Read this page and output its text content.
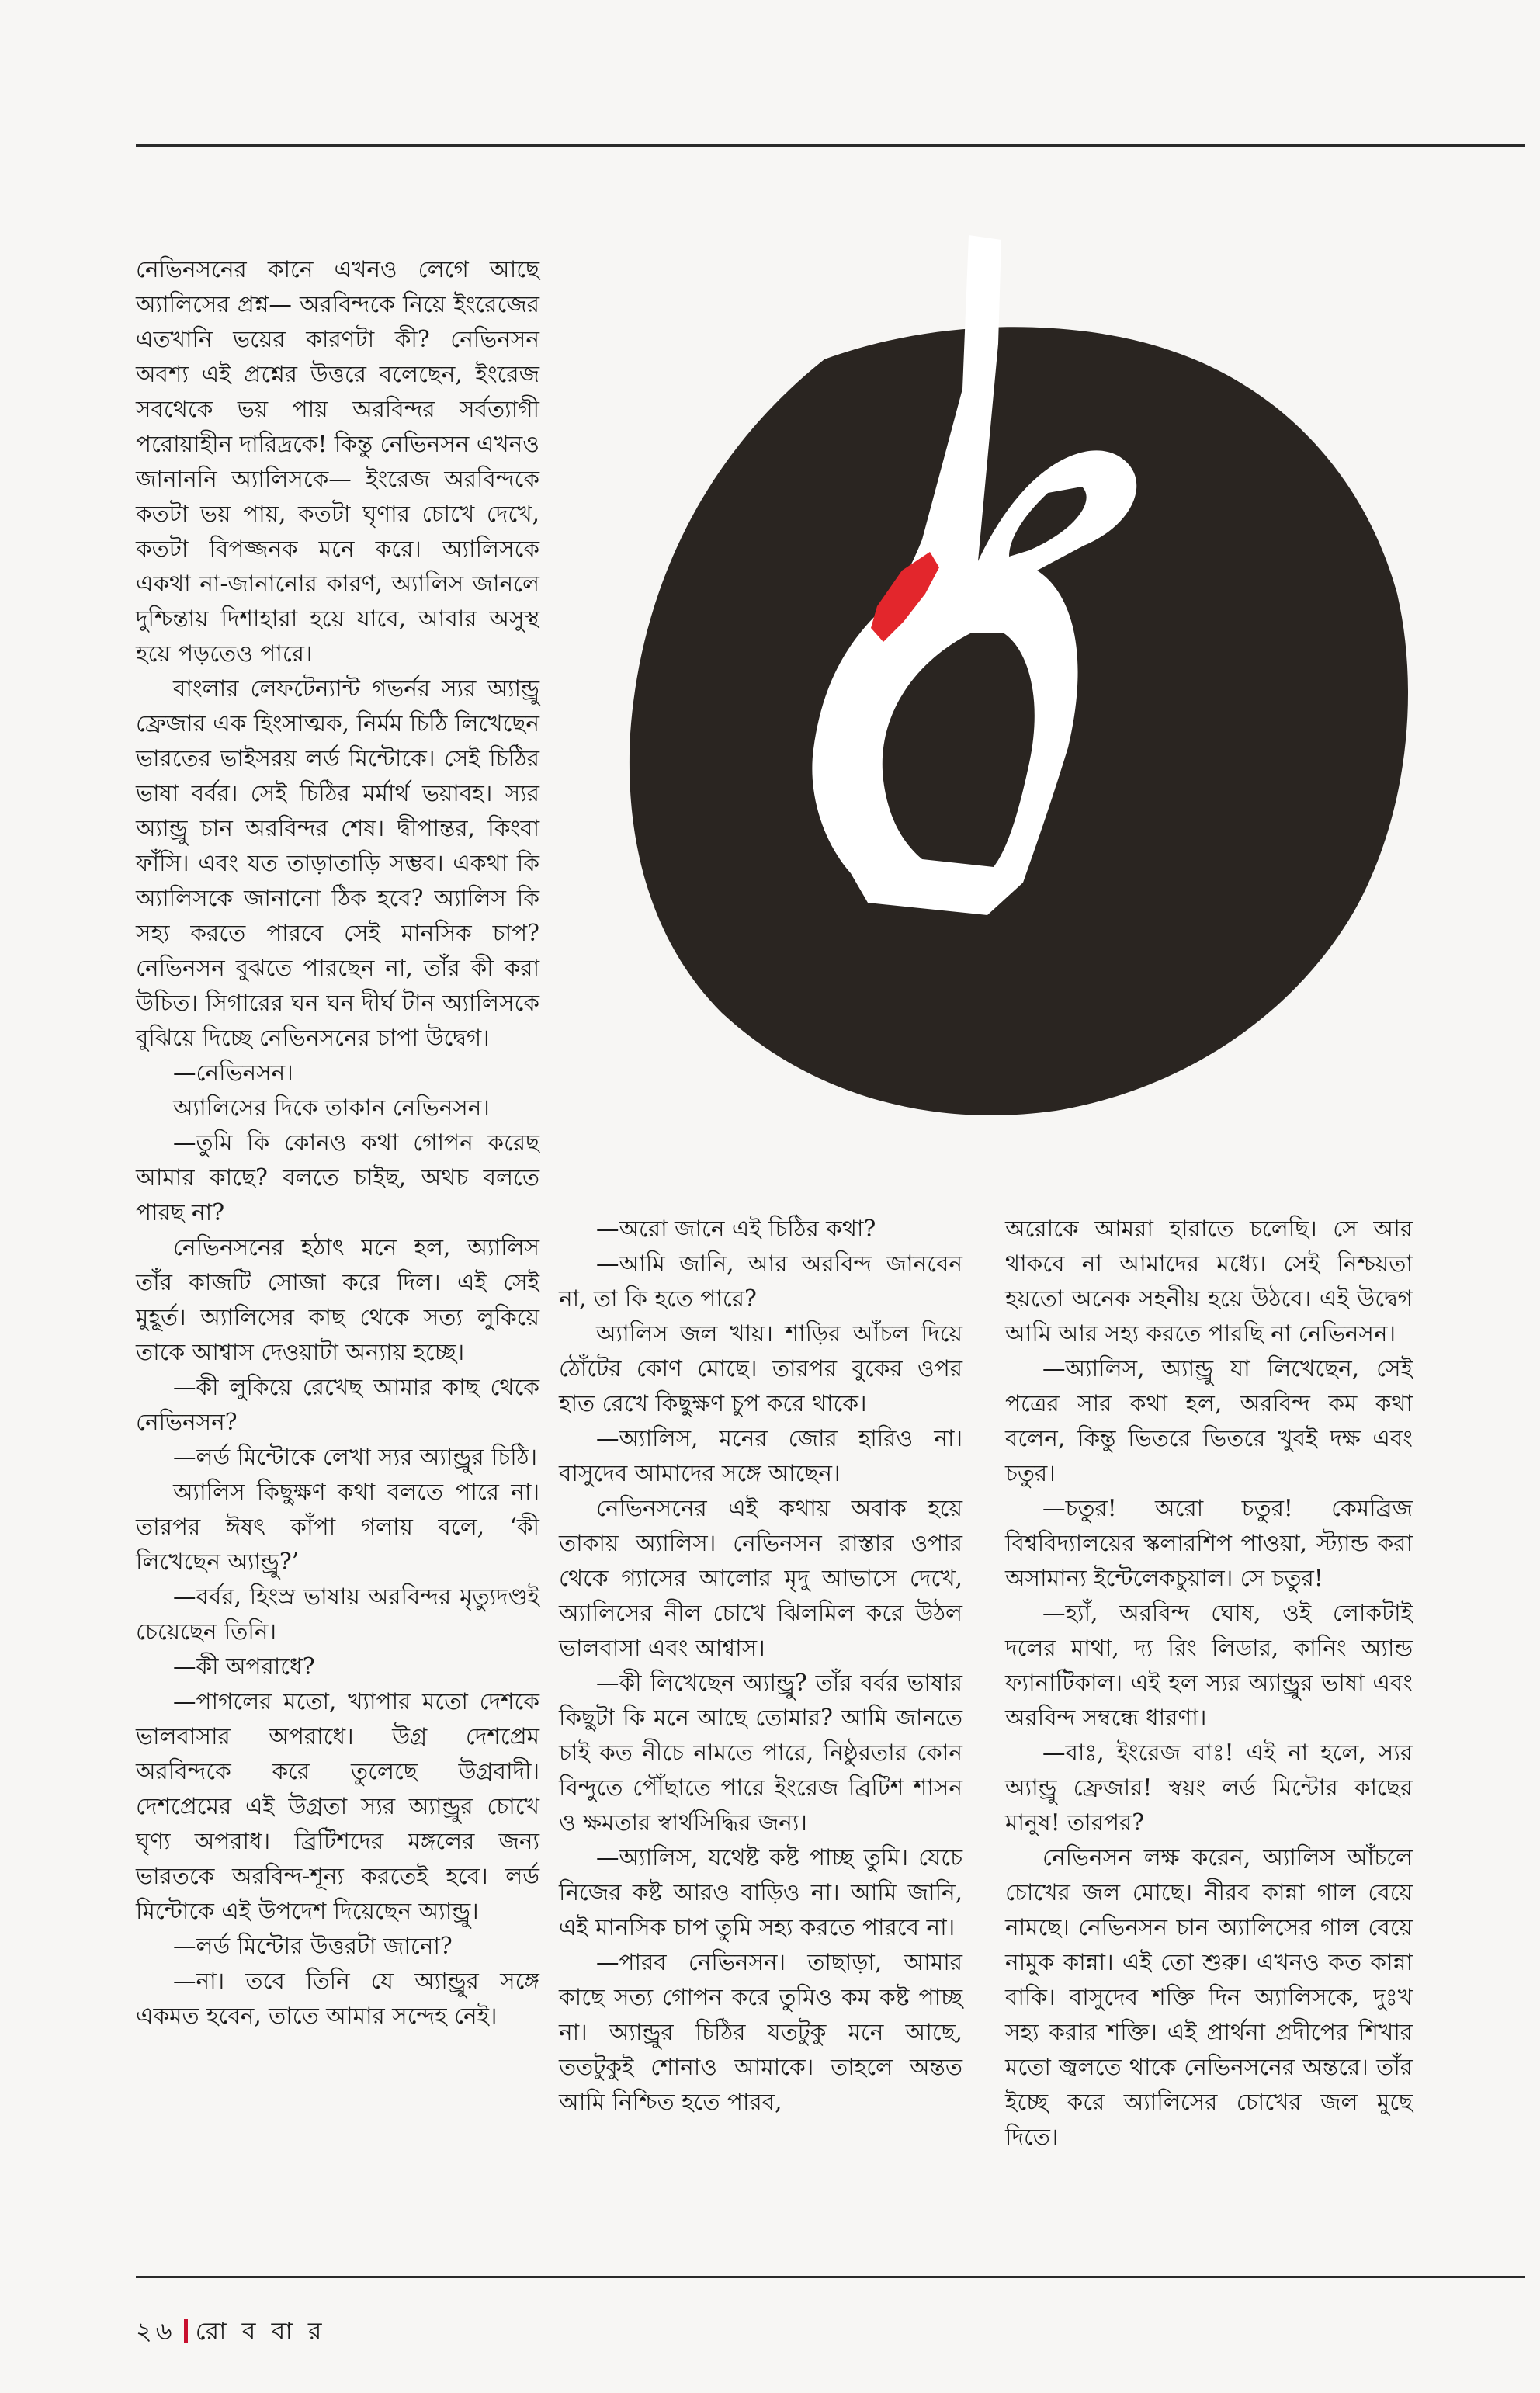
নেভিনসনের কানে এখনও লেগে আছে অ্যালিসের প্রশ্ন— অরবিন্দকে নিয়ে ইংরেজের এতখানি ভয়ের কারণটা কী? নেভিনসন অবশ্য এই প্রশ্নের উত্তরে বলেছেন, ইংরেজ সবথেকে ভয় পায় অরবিন্দর সর্বত্যাগী পরোয়াহীন দারিদ্রকে! কিন্তু নেভিনসন এখনও জানাননি অ্যালিসকে— ইংরেজ অরবিন্দকে কতটা ভয় পায়, কতটা ঘৃণার চোখে দেখে, কতটা বিপজ্জনক মনে করে। অ্যালিসকে একথা না-জানানোর কারণ, অ্যালিস জানলে দুশ্চিন্তায় দিশাহারা হয়ে যাবে, আবার অসুস্থ হয়ে পড়তেও পারে।

বাংলার লেফটেন্যান্ট গভর্নর স্যর অ্যান্ড্রু ফ্রেজার এক হিংসাত্মক, নির্মম চিঠি লিখেছেন ভারতের ভাইসরয় লর্ড মিন্টোকে। সেই চিঠির ভাষা বর্বর। সেই চিঠির মর্মার্থ ভয়াবহ। স্যর অ্যান্ড্রু চান অরবিন্দর শেষ। দ্বীপান্তর, কিংবা ফাঁসি। এবং যত তাড়াতাড়ি সম্ভব। একথা কি অ্যালিসকে জানানো ঠিক হবে? অ্যালিস কি সহ্য করতে পারবে সেই মানসিক চাপ? নেভিনসন বুঝতে পারছেন না, তাঁর কী করা উচিত। সিগারের ঘন ঘন দীর্ঘ টান অ্যালিসকে বুঝিয়ে দিচ্ছে নেভিনসনের চাপা উদ্বেগ।

—নেভিনসন।

অ্যালিসের দিকে তাকান নেভিনসন।

—তুমি কি কোনও কথা গোপন করেছ আমার কাছে? বলতে চাইছ, অথচ বলতে পারছ না?

নেভিনসনের হঠাৎ মনে হল, অ্যালিস তাঁর কাজটি সোজা করে দিল। এই সেই মুহূর্ত। অ্যালিসের কাছ থেকে সত্য লুকিয়ে তাকে আশ্বাস দেওয়াটা অন্যায় হচ্ছে।

—কী লুকিয়ে রেখেছ আমার কাছ থেকে নেভিনসন?

—লর্ড মিন্টোকে লেখা স্যর অ্যান্ড্রুর চিঠি।

অ্যালিস কিছুক্ষণ কথা বলতে পারে না। তারপর ঈষৎ কাঁপা গলায় বলে, ‘কী লিখেছেন অ্যান্ড্রু?’

—বর্বর, হিংস্র ভাষায় অরবিন্দর মৃত্যুদণ্ডই চেয়েছেন তিনি।

—কী অপরাধে?

—পাগলের মতো, খ্যাপার মতো দেশকে ভালবাসার অপরাধে। উগ্র দেশপ্রেম অরবিন্দকে করে তুলেছে উগ্রবাদী। দেশপ্রেমের এই উগ্রতা স্যর অ্যান্ড্রুর চোখে ঘৃণ্য অপরাধ। ব্রিটিশদের মঙ্গলের জন্য ভারতকে অরবিন্দ-শূন্য করতেই হবে। লর্ড মিন্টোকে এই উপদেশ দিয়েছেন অ্যান্ড্রু।

—লর্ড মিন্টোর উত্তরটা জানো?

—না। তবে তিনি যে অ্যান্ড্রুর সঙ্গে একমত হবেন, তাতে আমার সন্দেহ নেই।

—অরো জানে এই চিঠির কথা?

—আমি জানি, আর অরবিন্দ জানবেন না, তা কি হতে পারে?

অ্যালিস জল খায়। শাড়ির আঁচল দিয়ে ঠোঁটের কোণ মোছে। তারপর বুকের ওপর হাত রেখে কিছুক্ষণ চুপ করে থাকে।

—অ্যালিস, মনের জোর হারিও না। বাসুদেব আমাদের সঙ্গে আছেন।

নেভিনসনের এই কথায় অবাক হয়ে তাকায় অ্যালিস। নেভিনসন রাস্তার ওপার থেকে গ্যাসের আলোর মৃদু আভাসে দেখে, অ্যালিসের নীল চোখে ঝিলমিল করে উঠল ভালবাসা এবং আশ্বাস।

—কী লিখেছেন অ্যান্ড্রু? তাঁর বর্বর ভাষার কিছুটা কি মনে আছে তোমার? আমি জানতে চাই কত নীচে নামতে পারে, নিষ্ঠুরতার কোন বিন্দুতে পৌঁছাতে পারে ইংরেজ ব্রিটিশ শাসন ও ক্ষমতার স্বার্থসিদ্ধির জন্য।

—অ্যালিস, যথেষ্ট কষ্ট পাচ্ছ তুমি। যেচে নিজের কষ্ট আরও বাড়িও না। আমি জানি, এই মানসিক চাপ তুমি সহ্য করতে পারবে না।

—পারব নেভিনসন। তাছাড়া, আমার কাছে সত্য গোপন করে তুমিও কম কষ্ট পাচ্ছ না। অ্যান্ড্রুর চিঠির যতটুকু মনে আছে, ততটুকুই শোনাও আমাকে। তাহলে অন্তত আমি নিশ্চিত হতে পারব,

অরোকে আমরা হারাতে চলেছি। সে আর থাকবে না আমাদের মধ্যে। সেই নিশ্চয়তা হয়তো অনেক সহনীয় হয়ে উঠবে। এই উদ্বেগ আমি আর সহ্য করতে পারছি না নেভিনসন।

—অ্যালিস, অ্যান্ড্রু যা লিখেছেন, সেই পত্রের সার কথা হল, অরবিন্দ কম কথা বলেন, কিন্তু ভিতরে ভিতরে খুবই দক্ষ এবং চতুর।

—চতুর! অরো চতুর! কেমব্রিজ বিশ্ববিদ্যালয়ের স্কলারশিপ পাওয়া, স্ট্যান্ড করা অসামান্য ইন্টেলেকচুয়াল। সে চতুর!

—হ্যাঁ, অরবিন্দ ঘোষ, ওই লোকটাই দলের মাথা, দ্য রিং লিডার, কানিং অ্যান্ড ফ্যানাটিকাল। এই হল স্যর অ্যান্ড্রুর ভাষা এবং অরবিন্দ সম্বন্ধে ধারণা।

—বাঃ, ইংরেজ বাঃ! এই না হলে, স্যর অ্যান্ড্রু ফ্রেজার! স্বয়ং লর্ড মিন্টোর কাছের মানুষ! তারপর?

নেভিনসন লক্ষ করেন, অ্যালিস আঁচলে চোখের জল মোছে। নীরব কান্না গাল বেয়ে নামছে। নেভিনসন চান অ্যালিসের গাল বেয়ে নামুক কান্না। এই তো শুরু। এখনও কত কান্না বাকি। বাসুদেব শক্তি দিন অ্যালিসকে, দুঃখ সহ্য করার শক্তি। এই প্রার্থনা প্রদীপের শিখার মতো জ্বলতে থাকে নেভিনসনের অন্তরে। তাঁর ইচ্ছে করে অ্যালিসের চোখের জল মুছে দিতে।

২৬ রো ব বা র
